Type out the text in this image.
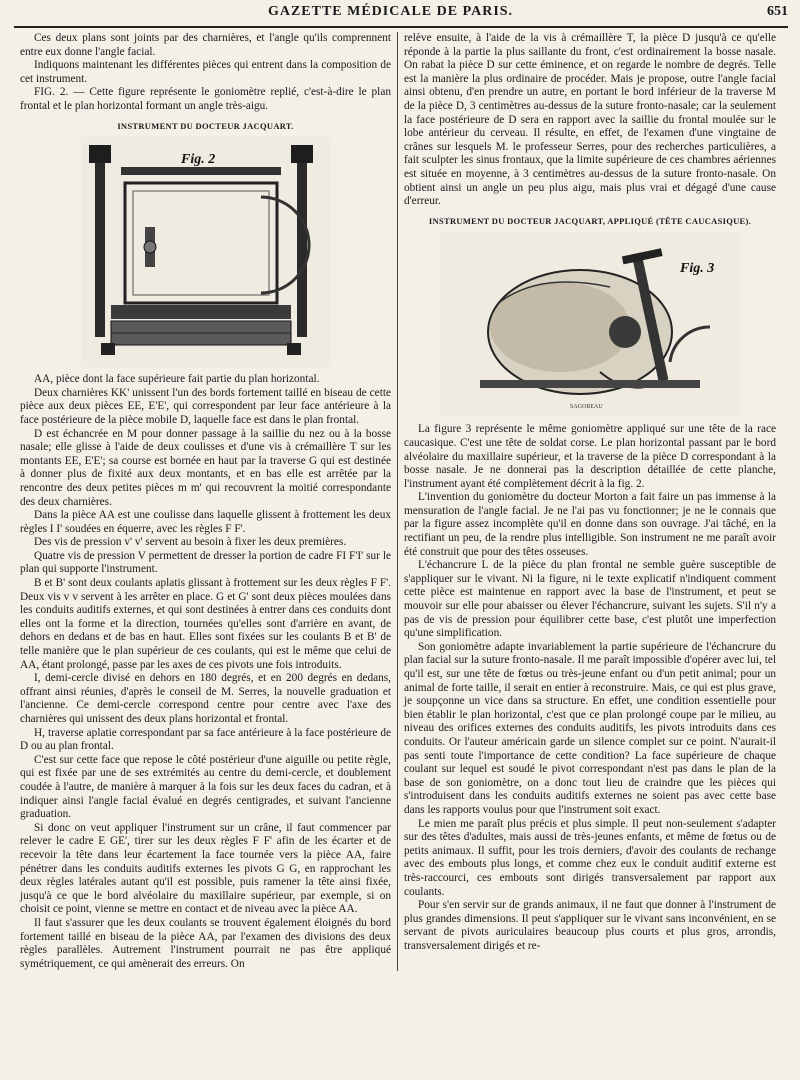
GAZETTE MÉDICALE DE PARIS.	651

Ces deux plans sont joints par des charnières, et l'angle qu'ils comprennent entre eux donne l'angle facial.

Indiquons maintenant les différentes pièces qui entrent dans la composition de cet instrument.

FIG. 2. — Cette figure représente le goniomètre replié, c'est-à-dire le plan frontal et le plan horizontal formant un angle très-aigu.

INSTRUMENT DU DOCTEUR JACQUART.
Fig. 2

AA, pièce dont la face supérieure fait partie du plan horizontal.

Deux charnières KK' unissent l'un des bords fortement taillé en biseau de cette pièce aux deux pièces EE, E'E', qui correspondent par leur face antérieure à la face postérieure de la pièce mobile D, laquelle face est dans le plan frontal.

D est échancrée en M pour donner passage à la saillie du nez ou à la bosse nasale; elle glisse à l'aide de deux coulisses et d'une vis à crémaillère T sur les montants EE, E'E'; sa course est bornée en haut par la traverse G qui est destinée à donner plus de fixité aux deux montants, et en bas elle est arrêtée par la rencontre des deux petites pièces m m' qui recouvrent la moitié correspondante des deux charnières.

Dans la pièce AA est une coulisse dans laquelle glissent à frottement les deux règles I I' soudées en équerre, avec les règles F F'.

Des vis de pression v' v' servent au besoin à fixer les deux premières.

Quatre vis de pression V permettent de dresser la portion de cadre FI F'I' sur le plan qui supporte l'instrument.

B et B' sont deux coulants aplatis glissant à frottement sur les deux règles F F'. Deux vis v v servent à les arrêter en place. G et G' sont deux pièces moulées dans les conduits auditifs externes, et qui sont destinées à entrer dans ces conduits dont elles ont la forme et la direction, tournées qu'elles sont d'arrière en avant, de dehors en dedans et de bas en haut. Elles sont fixées sur les coulants B et B' de telle manière que le plan supérieur de ces coulants, qui est le même que celui de AA, étant prolongé, passe par les axes de ces pivots une fois introduits.

I, demi-cercle divisé en dehors en 180 degrés, et en 200 degrés en dedans, offrant ainsi réunies, d'après le conseil de M. Serres, la nouvelle graduation et l'ancienne. Ce demi-cercle correspond centre pour centre avec l'axe des charnières qui unissent des deux plans horizontal et frontal.

H, traverse aplatie correspondant par sa face antérieure à la face postérieure de D ou au plan frontal.

C'est sur cette face que repose le côté postérieur d'une aiguille ou petite règle, qui est fixée par une de ses extrémités au centre du demi-cercle, et doublement coudée à l'autre, de manière à marquer à la fois sur les deux faces du cadran, et à indiquer ainsi l'angle facial évalué en degrés centigrades, et suivant l'ancienne graduation.

Si donc on veut appliquer l'instrument sur un crâne, il faut commencer par relever le cadre E GE', tirer sur les deux règles F F' afin de les écarter et de recevoir la tête dans leur écartement la face tournée vers la pièce AA, faire pénétrer dans les conduits auditifs externes les pivots G G, en rapprochant les deux règles latérales autant qu'il est possible, puis ramener la tête ainsi fixée, jusqu'à ce que le bord alvéolaire du maxillaire supérieur, par exemple, si on choisit ce point, vienne se mettre en contact et de niveau avec la pièce AA.

Il faut s'assurer que les deux coulants se trouvent également éloignés du bord fortement taillé en biseau de la pièce AA, par l'examen des divisions des deux règles parallèles. Autrement l'instrument pourrait ne pas être appliqué symétriquement, ce qui amènerait des erreurs. On

relève ensuite, à l'aide de la vis à crémaillère T, la pièce D jusqu'à ce qu'elle réponde à la partie la plus saillante du front, c'est ordinairement la bosse nasale. On rabat la pièce D sur cette éminence, et on regarde le nombre de degrés. Telle est la manière la plus ordinaire de procéder. Mais je propose, outre l'angle facial ainsi obtenu, d'en prendre un autre, en portant le bord inférieur de la traverse M de la pièce D, 3 centimètres au-dessus de la suture fronto-nasale; car la seulement la face postérieure de D sera en rapport avec la saillie du frontal moulée sur le lobe antérieur du cerveau. Il résulte, en effet, de l'examen d'une vingtaine de crânes sur lesquels M. le professeur Serres, pour des recherches particulières, a fait sculpter les sinus frontaux, que la limite supérieure de ces chambres aériennes est située en moyenne, à 3 centimètres au-dessus de la suture fronto-nasale. On obtient ainsi un angle un peu plus aigu, mais plus vrai et dégagé d'une cause d'erreur.

INSTRUMENT DU DOCTEUR JACQUART, APPLIQUÉ (TÊTE CAUCASIQUE).
Fig. 3
SAGOREAU

La figure 3 représente le même goniomètre appliqué sur une tête de la race caucasique. C'est une tête de soldat corse. Le plan horizontal passant par le bord alvéolaire du maxillaire supérieur, et la traverse de la pièce D correspondant à la bosse nasale. Je ne donnerai pas la description détaillée de cette planche, l'instrument ayant été complètement décrit à la fig. 2.

L'invention du goniomètre du docteur Morton a fait faire un pas immense à la mensuration de l'angle facial. Je ne l'ai pas vu fonctionner; je ne le connais que par la figure assez incomplète qu'il en donne dans son ouvrage. J'ai tâché, en la rectifiant un peu, de la rendre plus intelligible. Son instrument ne me paraît avoir été construit que pour des têtes osseuses.

L'échancrure L de la pièce du plan frontal ne semble guère susceptible de s'appliquer sur le vivant. Ni la figure, ni le texte explicatif n'indiquent comment cette pièce est maintenue en rapport avec la base de l'instrument, et peut se mouvoir sur elle pour abaisser ou élever l'échancrure, suivant les sujets. S'il n'y a pas de vis de pression pour équilibrer cette base, c'est plutôt une imperfection qu'une simplification.

Son goniomètre adapte invariablement la partie supérieure de l'échancrure du plan facial sur la suture fronto-nasale. Il me paraît impossible d'opérer avec lui, tel qu'il est, sur une tête de fœtus ou très-jeune enfant ou d'un petit animal; pour un animal de forte taille, il serait en entier à reconstruire. Mais, ce qui est plus grave, je soupçonne un vice dans sa structure. En effet, une condition essentielle pour bien établir le plan horizontal, c'est que ce plan prolongé coupe par le milieu, au niveau des orifices externes des conduits auditifs, les pivots introduits dans ces conduits. Or l'auteur américain garde un silence complet sur ce point. N'aurait-il pas senti toute l'importance de cette condition? La face supérieure de chaque coulant sur lequel est soudé le pivot correspondant n'est pas dans le plan de la base de son goniomètre, on a donc tout lieu de craindre que les pièces qui s'introduisent dans les conduits auditifs externes ne soient pas avec cette base dans les rapports voulus pour que l'instrument soit exact.

Le mien me paraît plus précis et plus simple. Il peut non-seulement s'adapter sur des têtes d'adultes, mais aussi de très-jeunes enfants, et même de fœtus ou de petits animaux. Il suffit, pour les trois derniers, d'avoir des coulants de rechange avec des embouts plus longs, et comme chez eux le conduit auditif externe est très-raccourci, ces embouts sont dirigés transversalement par rapport aux coulants.

Pour s'en servir sur de grands animaux, il ne faut que donner à l'instrument de plus grandes dimensions. Il peut s'appliquer sur le vivant sans inconvénient, en se servant de pivots auriculaires beaucoup plus courts et plus gros, arrondis, transversalement dirigés et re-
